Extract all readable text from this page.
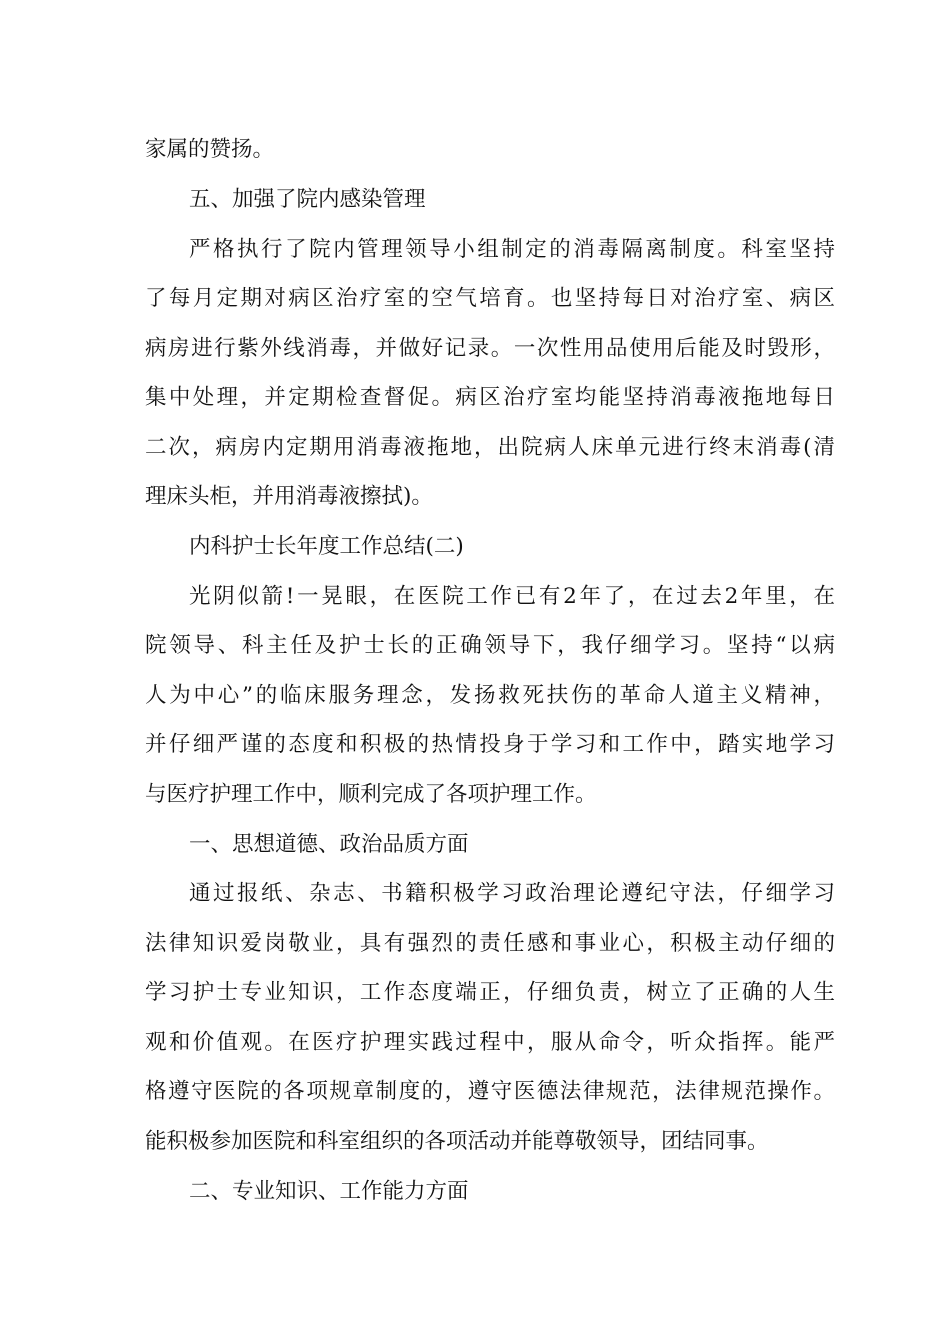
家属的赞扬。
五、加强了院内感染管理
严格执行了院内管理领导小组制定的消毒隔离制度。科室坚持
了每月定期对病区治疗室的空气培育。也坚持每日对治疗室、病区
病房进行紫外线消毒，并做好记录。一次性用品使用后能及时毁形，
集中处理，并定期检查督促。病区治疗室均能坚持消毒液拖地每日
二次，病房内定期用消毒液拖地，出院病人床单元进行终末消毒(清
理床头柜，并用消毒液擦拭)。
内科护士长年度工作总结(二)
光阴似箭!一晃眼，在医院工作已有2年了，在过去2年里，在
院领导、科主任及护士长的正确领导下，我仔细学习。坚持“以病
人为中心”的临床服务理念，发扬救死扶伤的革命人道主义精神，
并仔细严谨的态度和积极的热情投身于学习和工作中，踏实地学习
与医疗护理工作中，顺利完成了各项护理工作。
一、思想道德、政治品质方面
通过报纸、杂志、书籍积极学习政治理论遵纪守法，仔细学习
法律知识爱岗敬业，具有强烈的责任感和事业心，积极主动仔细的
学习护士专业知识，工作态度端正，仔细负责，树立了正确的人生
观和价值观。在医疗护理实践过程中，服从命令，听众指挥。能严
格遵守医院的各项规章制度的，遵守医德法律规范，法律规范操作。
能积极参加医院和科室组织的各项活动并能尊敬领导，团结同事。
二、专业知识、工作能力方面
